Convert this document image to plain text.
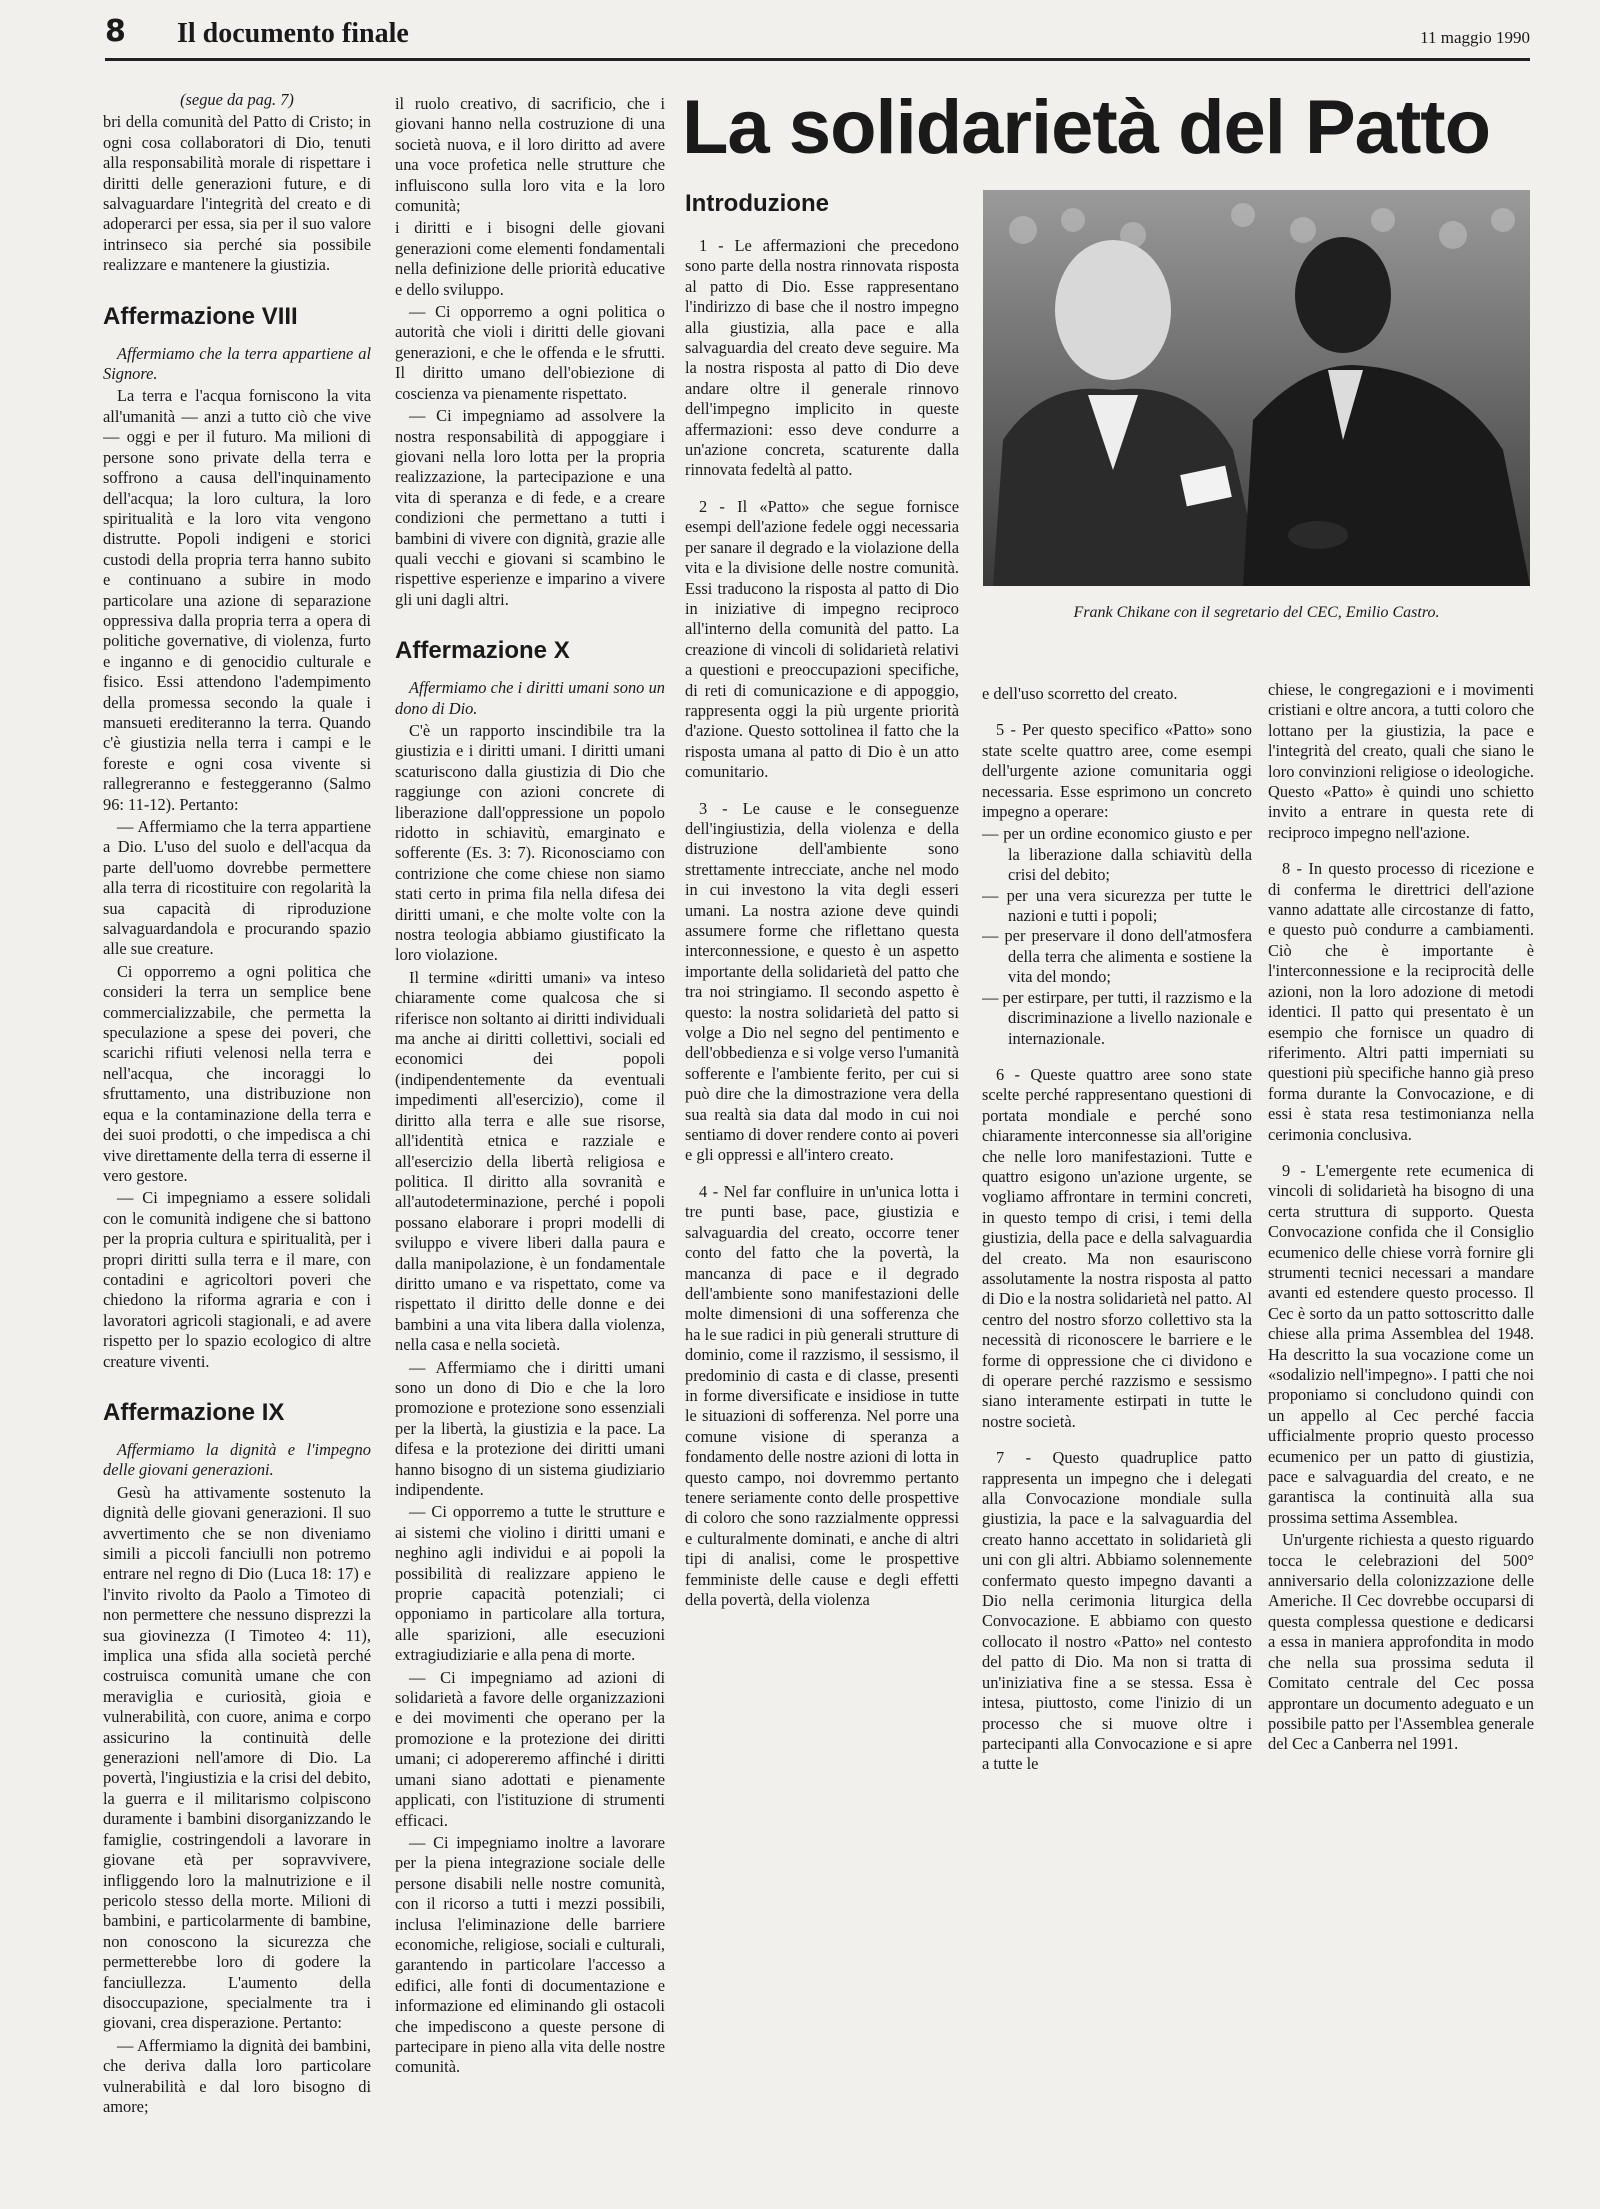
8 Il documento finale	11 maggio 1990

(segue da pag. 7)

bri della comunità del Patto di Cristo; in ogni cosa collaboratori di Dio, tenuti alla responsabilità morale di rispettare i diritti delle generazioni future, e di salvaguardare l'integrità del creato e di adoperarci per essa, sia per il suo valore intrinseco sia perché sia possibile realizzare e mantenere la giustizia.

Affermazione VIII

Affermiamo che la terra appartiene al Signore.

La terra e l'acqua forniscono la vita all'umanità — anzi a tutto ciò che vive — oggi e per il futuro. Ma milioni di persone sono private della terra e soffrono a causa dell'inquinamento dell'acqua; la loro cultura, la loro spiritualità e la loro vita vengono distrutte. Popoli indigeni e storici custodi della propria terra hanno subito e continuano a subire in modo particolare una azione di separazione oppressiva dalla propria terra a opera di politiche governative, di violenza, furto e inganno e di genocidio culturale e fisico. Essi attendono l'adempimento della promessa secondo la quale i mansueti erediteranno la terra. Quando c'è giustizia nella terra i campi e le foreste e ogni cosa vivente si rallegreranno e festeggeranno (Salmo 96: 11-12). Pertanto:

— Affermiamo che la terra appartiene a Dio. L'uso del suolo e dell'acqua da parte dell'uomo dovrebbe permettere alla terra di ricostituire con regolarità la sua capacità di riproduzione salvaguardandola e procurando spazio alle sue creature.

Ci opporremo a ogni politica che consideri la terra un semplice bene commercializzabile, che permetta la speculazione a spese dei poveri, che scarichi rifiuti velenosi nella terra e nell'acqua, che incoraggi lo sfruttamento, una distribuzione non equa e la contaminazione della terra e dei suoi prodotti, o che impedisca a chi vive direttamente della terra di esserne il vero gestore.

— Ci impegniamo a essere solidali con le comunità indigene che si battono per la propria cultura e spiritualità, per i propri diritti sulla terra e il mare, con contadini e agricoltori poveri che chiedono la riforma agraria e con i lavoratori agricoli stagionali, e ad avere rispetto per lo spazio ecologico di altre creature viventi.

Affermazione IX

Affermiamo la dignità e l'impegno delle giovani generazioni.

Gesù ha attivamente sostenuto la dignità delle giovani generazioni. Il suo avvertimento che se non diveniamo simili a piccoli fanciulli non potremo entrare nel regno di Dio (Luca 18: 17) e l'invito rivolto da Paolo a Timoteo di non permettere che nessuno disprezzi la sua giovinezza (I Timoteo 4: 11), implica una sfida alla società perché costruisca comunità umane che con meraviglia e curiosità, gioia e vulnerabilità, con cuore, anima e corpo assicurino la continuità delle generazioni nell'amore di Dio. La povertà, l'ingiustizia e la crisi del debito, la guerra e il militarismo colpiscono duramente i bambini disorganizzando le famiglie, costringendoli a lavorare in giovane età per sopravvivere, infliggendo loro la malnutrizione e il pericolo stesso della morte. Milioni di bambini, e particolarmente di bambine, non conoscono la sicurezza che permetterebbe loro di godere la fanciullezza. L'aumento della disoccupazione, specialmente tra i giovani, crea disperazione. Pertanto:

— Affermiamo la dignità dei bambini, che deriva dalla loro particolare vulnerabilità e dal loro bisogno di amore;

il ruolo creativo, di sacrificio, che i giovani hanno nella costruzione di una società nuova, e il loro diritto ad avere una voce profetica nelle strutture che influiscono sulla loro vita e la loro comunità;

i diritti e i bisogni delle giovani generazioni come elementi fondamentali nella definizione delle priorità educative e dello sviluppo.

— Ci opporremo a ogni politica o autorità che violi i diritti delle giovani generazioni, e che le offenda e le sfrutti. Il diritto umano dell'obiezione di coscienza va pienamente rispettato.

— Ci impegniamo ad assolvere la nostra responsabilità di appoggiare i giovani nella loro lotta per la propria realizzazione, la partecipazione e una vita di speranza e di fede, e a creare condizioni che permettano a tutti i bambini di vivere con dignità, grazie alle quali vecchi e giovani si scambino le rispettive esperienze e imparino a vivere gli uni dagli altri.

Affermazione X

Affermiamo che i diritti umani sono un dono di Dio.

C'è un rapporto inscindibile tra la giustizia e i diritti umani. I diritti umani scaturiscono dalla giustizia di Dio che raggiunge con azioni concrete di liberazione dall'oppressione un popolo ridotto in schiavitù, emarginato e sofferente (Es. 3: 7). Riconosciamo con contrizione che come chiese non siamo stati certo in prima fila nella difesa dei diritti umani, e che molte volte con la nostra teologia abbiamo giustificato la loro violazione.

Il termine «diritti umani» va inteso chiaramente come qualcosa che si riferisce non soltanto ai diritti individuali ma anche ai diritti collettivi, sociali ed economici dei popoli (indipendentemente da eventuali impedimenti all'esercizio), come il diritto alla terra e alle sue risorse, all'identità etnica e razziale e all'esercizio della libertà religiosa e politica. Il diritto alla sovranità e all'autodeterminazione, perché i popoli possano elaborare i propri modelli di sviluppo e vivere liberi dalla paura e dalla manipolazione, è un fondamentale diritto umano e va rispettato, come va rispettato il diritto delle donne e dei bambini a una vita libera dalla violenza, nella casa e nella società.

— Affermiamo che i diritti umani sono un dono di Dio e che la loro promozione e protezione sono essenziali per la libertà, la giustizia e la pace. La difesa e la protezione dei diritti umani hanno bisogno di un sistema giudiziario indipendente.

— Ci opporremo a tutte le strutture e ai sistemi che violino i diritti umani e neghino agli individui e ai popoli la possibilità di realizzare appieno le proprie capacità potenziali; ci opponiamo in particolare alla tortura, alle sparizioni, alle esecuzioni extragiudiziarie e alla pena di morte.

— Ci impegniamo ad azioni di solidarietà a favore delle organizzazioni e dei movimenti che operano per la promozione e la protezione dei diritti umani; ci adopereremo affinché i diritti umani siano adottati e pienamente applicati, con l'istituzione di strumenti efficaci.

— Ci impegniamo inoltre a lavorare per la piena integrazione sociale delle persone disabili nelle nostre comunità, con il ricorso a tutti i mezzi possibili, inclusa l'eliminazione delle barriere economiche, religiose, sociali e culturali, garantendo in particolare l'accesso a edifici, alle fonti di documentazione e informazione ed eliminando gli ostacoli che impediscono a queste persone di partecipare in pieno alla vita delle nostre comunità.

La solidarietà del Patto
Introduzione

1 - Le affermazioni che precedono sono parte della nostra rinnovata risposta al patto di Dio. Esse rappresentano l'indirizzo di base che il nostro impegno alla giustizia, alla pace e alla salvaguardia del creato deve seguire. Ma la nostra risposta al patto di Dio deve andare oltre il generale rinnovo dell'impegno implicito in queste affermazioni: esso deve condurre a un'azione concreta, scaturente dalla rinnovata fedeltà al patto.

2 - Il «Patto» che segue fornisce esempi dell'azione fedele oggi necessaria per sanare il degrado e la violazione della vita e la divisione delle nostre comunità. Essi traducono la risposta al patto di Dio in iniziative di impegno reciproco all'interno della comunità del patto. La creazione di vincoli di solidarietà relativi a questioni e preoccupazioni specifiche, di reti di comunicazione e di appoggio, rappresenta oggi la più urgente priorità d'azione. Questo sottolinea il fatto che la risposta umana al patto di Dio è un atto comunitario.

3 - Le cause e le conseguenze dell'ingiustizia, della violenza e della distruzione dell'ambiente sono strettamente intrecciate, anche nel modo in cui investono la vita degli esseri umani. La nostra azione deve quindi assumere forme che riflettano questa interconnessione, e questo è un aspetto importante della solidarietà del patto che tra noi stringiamo. Il secondo aspetto è questo: la nostra solidarietà del patto si volge a Dio nel segno del pentimento e dell'obbedienza e si volge verso l'umanità sofferente e l'ambiente ferito, per cui si può dire che la dimostrazione vera della sua realtà sia data dal modo in cui noi sentiamo di dover rendere conto ai poveri e gli oppressi e all'intero creato.

4 - Nel far confluire in un'unica lotta i tre punti base, pace, giustizia e salvaguardia del creato, occorre tener conto del fatto che la povertà, la mancanza di pace e il degrado dell'ambiente sono manifestazioni delle molte dimensioni di una sofferenza che ha le sue radici in più generali strutture di dominio, come il razzismo, il sessismo, il predominio di casta e di classe, presenti in forme diversificate e insidiose in tutte le situazioni di sofferenza. Nel porre una comune visione di speranza a fondamento delle nostre azioni di lotta in questo campo, noi dovremmo pertanto tenere seriamente conto delle prospettive di coloro che sono razzialmente oppressi e culturalmente dominati, e anche di altri tipi di analisi, come le prospettive femministe delle cause e degli effetti della povertà, della violenza

Frank Chikane con il segretario del CEC, Emilio Castro.

e dell'uso scorretto del creato.

5 - Per questo specifico «Patto» sono state scelte quattro aree, come esempi dell'urgente azione comunitaria oggi necessaria. Esse esprimono un concreto impegno a operare:

— per un ordine economico giusto e per la liberazione dalla schiavitù della crisi del debito;
— per una vera sicurezza per tutte le nazioni e tutti i popoli;
— per preservare il dono dell'atmosfera della terra che alimenta e sostiene la vita del mondo;
— per estirpare, per tutti, il razzismo e la discriminazione a livello nazionale e internazionale.

6 - Queste quattro aree sono state scelte perché rappresentano questioni di portata mondiale e perché sono chiaramente interconnesse sia all'origine che nelle loro manifestazioni. Tutte e quattro esigono un'azione urgente, se vogliamo affrontare in termini concreti, in questo tempo di crisi, i temi della giustizia, della pace e della salvaguardia del creato. Ma non esauriscono assolutamente la nostra risposta al patto di Dio e la nostra solidarietà nel patto. Al centro del nostro sforzo collettivo sta la necessità di riconoscere le barriere e le forme di oppressione che ci dividono e di operare perché razzismo e sessismo siano interamente estirpati in tutte le nostre società.

7 - Questo quadruplice patto rappresenta un impegno che i delegati alla Convocazione mondiale sulla giustizia, la pace e la salvaguardia del creato hanno accettato in solidarietà gli uni con gli altri. Abbiamo solennemente confermato questo impegno davanti a Dio nella cerimonia liturgica della Convocazione. E abbiamo con questo collocato il nostro «Patto» nel contesto del patto di Dio. Ma non si tratta di un'iniziativa fine a se stessa. Essa è intesa, piuttosto, come l'inizio di un processo che si muove oltre i partecipanti alla Convocazione e si apre a tutte le

chiese, le congregazioni e i movimenti cristiani e oltre ancora, a tutti coloro che lottano per la giustizia, la pace e l'integrità del creato, quali che siano le loro convinzioni religiose o ideologiche. Questo «Patto» è quindi uno schietto invito a entrare in questa rete di reciproco impegno nell'azione.

8 - In questo processo di ricezione e di conferma le direttrici dell'azione vanno adattate alle circostanze di fatto, e questo può condurre a cambiamenti. Ciò che è importante è l'interconnessione e la reciprocità delle azioni, non la loro adozione di metodi identici. Il patto qui presentato è un esempio che fornisce un quadro di riferimento. Altri patti imperniati su questioni più specifiche hanno già preso forma durante la Convocazione, e di essi è stata resa testimonianza nella cerimonia conclusiva.

9 - L'emergente rete ecumenica di vincoli di solidarietà ha bisogno di una certa struttura di supporto. Questa Convocazione confida che il Consiglio ecumenico delle chiese vorrà fornire gli strumenti tecnici necessari a mandare avanti ed estendere questo processo. Il Cec è sorto da un patto sottoscritto dalle chiese alla prima Assemblea del 1948. Ha descritto la sua vocazione come un «sodalizio nell'impegno». I patti che noi proponiamo si concludono quindi con un appello al Cec perché faccia ufficialmente proprio questo processo ecumenico per un patto di giustizia, pace e salvaguardia del creato, e ne garantisca la continuità alla sua prossima settima Assemblea.

Un'urgente richiesta a questo riguardo tocca le celebrazioni del 500° anniversario della colonizzazione delle Americhe. Il Cec dovrebbe occuparsi di questa complessa questione e dedicarsi a essa in maniera approfondita in modo che nella sua prossima seduta il Comitato centrale del Cec possa approntare un documento adeguato e un possibile patto per l'Assemblea generale del Cec a Canberra nel 1991.
